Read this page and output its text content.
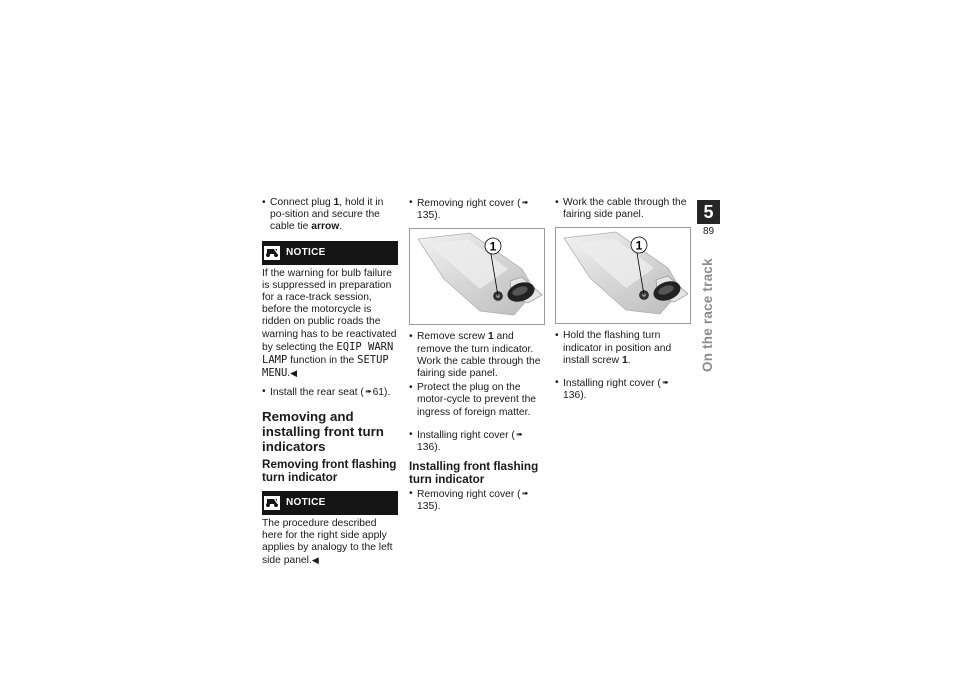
• Connect plug 1, hold it in po-sition and secure the cable tie arrow.
NOTICE
If the warning for bulb failure is suppressed in preparation for a race-track session, before the motorcycle is ridden on public roads the warning has to be reactivated by selecting the EQIP WARN LAMP function in the SETUP MENU.◀
• Install the rear seat (➠61).
Removing and installing front turn indicators
Removing front flashing turn indicator
NOTICE
The procedure described here for the right side apply applies by analogy to the left side panel.◀
• Removing right cover (➠135).
1
• Remove screw 1 and remove the turn indicator. Work the cable through the fairing side panel.
• Protect the plug on the motor-cycle to prevent the ingress of foreign matter.
• Installing right cover (➠136).
Installing front flashing turn indicator
• Removing right cover (➠135).
• Work the cable through the fairing side panel.
1
• Hold the flashing turn indicator in position and install screw 1.
• Installing right cover (➠136).
5
89
On the race track
